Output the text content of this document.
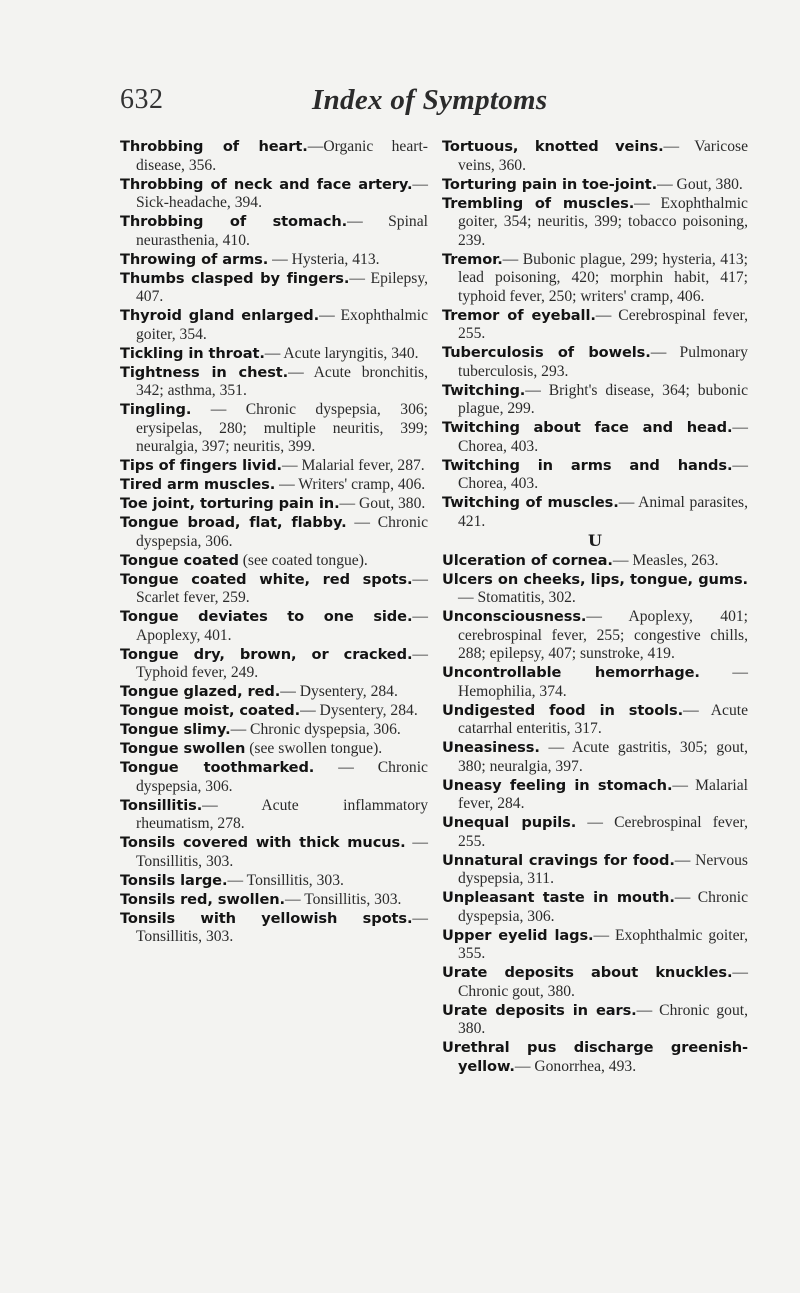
632	Index of Symptoms
Throbbing of heart.—Organic heart-disease, 356.
Throbbing of neck and face artery.— Sick-headache, 394.
Throbbing of stomach.— Spinal neurasthenia, 410.
Throwing of arms. — Hysteria, 413.
Thumbs clasped by fingers.— Epilepsy, 407.
Thyroid gland enlarged.— Exophthalmic goiter, 354.
Tickling in throat.— Acute laryngitis, 340.
Tightness in chest.— Acute bronchitis, 342; asthma, 351.
Tingling. — Chronic dyspepsia, 306; erysipelas, 280; multiple neuritis, 399; neuralgia, 397; neuritis, 399.
Tips of fingers livid.— Malarial fever, 287.
Tired arm muscles. — Writers' cramp, 406.
Toe joint, torturing pain in.— Gout, 380.
Tongue broad, flat, flabby. — Chronic dyspepsia, 306.
Tongue coated (see coated tongue).
Tongue coated white, red spots.— Scarlet fever, 259.
Tongue deviates to one side.— Apoplexy, 401.
Tongue dry, brown, or cracked.— Typhoid fever, 249.
Tongue glazed, red.— Dysentery, 284.
Tongue moist, coated.— Dysentery, 284.
Tongue slimy.— Chronic dyspepsia, 306.
Tongue swollen (see swollen tongue).
Tongue toothmarked. — Chronic dyspepsia, 306.
Tonsillitis.— Acute inflammatory rheumatism, 278.
Tonsils covered with thick mucus. — Tonsillitis, 303.
Tonsils large.— Tonsillitis, 303.
Tonsils red, swollen.— Tonsillitis, 303.
Tonsils with yellowish spots.— Tonsillitis, 303.
Tortuous, knotted veins.— Varicose veins, 360.
Torturing pain in toe-joint.— Gout, 380.
Trembling of muscles.— Exophthalmic goiter, 354; neuritis, 399; tobacco poisoning, 239.
Tremor.— Bubonic plague, 299; hysteria, 413; lead poisoning, 420; morphin habit, 417; typhoid fever, 250; writers' cramp, 406.
Tremor of eyeball.— Cerebrospinal fever, 255.
Tuberculosis of bowels.— Pulmonary tuberculosis, 293.
Twitching.— Bright's disease, 364; bubonic plague, 299.
Twitching about face and head.— Chorea, 403.
Twitching in arms and hands.— Chorea, 403.
Twitching of muscles.— Animal parasites, 421.
U
Ulceration of cornea.— Measles, 263.
Ulcers on cheeks, lips, tongue, gums.— Stomatitis, 302.
Unconsciousness.— Apoplexy, 401; cerebrospinal fever, 255; congestive chills, 288; epilepsy, 407; sunstroke, 419.
Uncontrollable hemorrhage. — Hemophilia, 374.
Undigested food in stools.— Acute catarrhal enteritis, 317.
Uneasiness. — Acute gastritis, 305; gout, 380; neuralgia, 397.
Uneasy feeling in stomach.— Malarial fever, 284.
Unequal pupils. — Cerebrospinal fever, 255.
Unnatural cravings for food.— Nervous dyspepsia, 311.
Unpleasant taste in mouth.— Chronic dyspepsia, 306.
Upper eyelid lags.— Exophthalmic goiter, 355.
Urate deposits about knuckles.— Chronic gout, 380.
Urate deposits in ears.— Chronic gout, 380.
Urethral pus discharge greenish-yellow.— Gonorrhea, 493.
